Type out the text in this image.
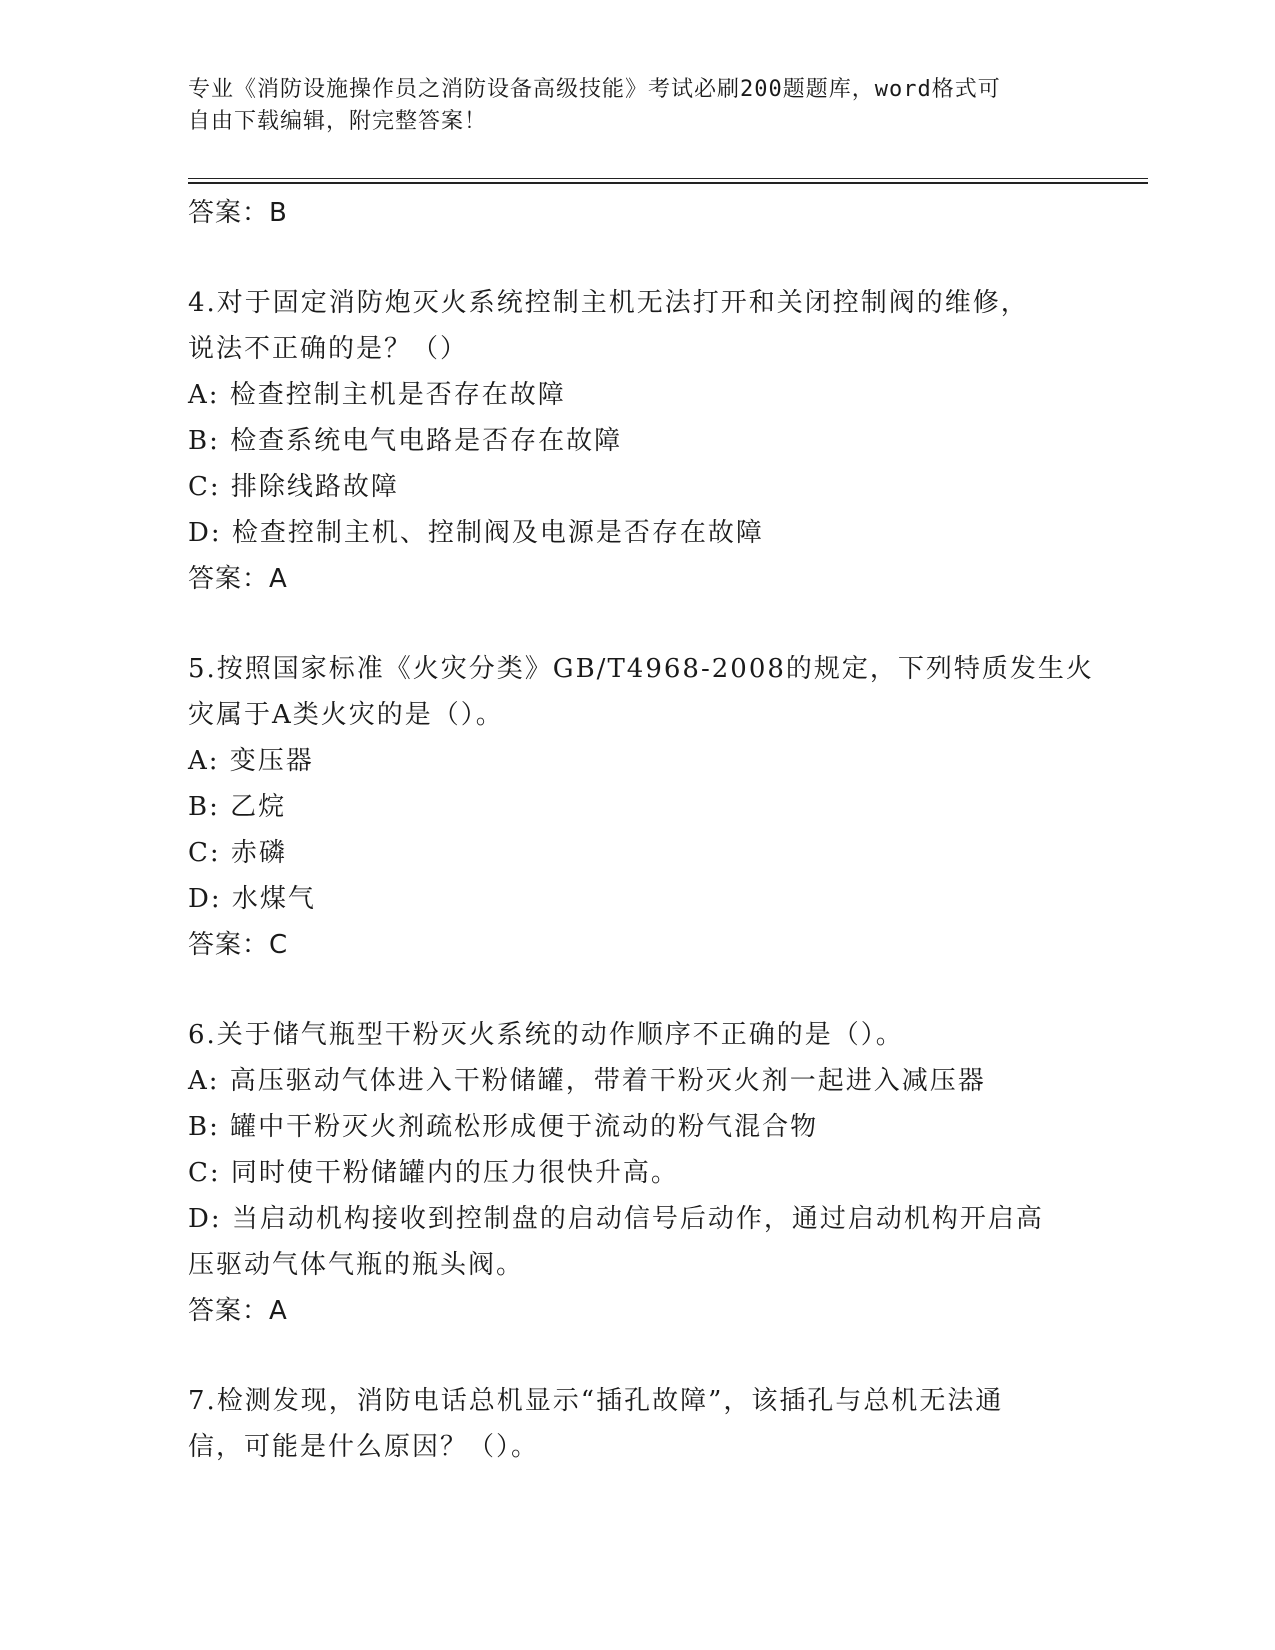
专业《消防设施操作员之消防设备高级技能》考试必刷200题题库，word格式可
自由下载编辑，附完整答案！
答案：B
4.对于固定消防炮灭火系统控制主机无法打开和关闭控制阀的维修，
说法不正确的是？（）
A: 检查控制主机是否存在故障
B: 检查系统电气电路是否存在故障
C: 排除线路故障
D: 检查控制主机、控制阀及电源是否存在故障
答案：A
5.按照国家标准《火灾分类》GB/T4968-2008的规定，下列特质发生火
灾属于A类火灾的是（）。
A: 变压器
B: 乙烷
C: 赤磷
D: 水煤气
答案：C
6.关于储气瓶型干粉灭火系统的动作顺序不正确的是（）。
A: 高压驱动气体进入干粉储罐，带着干粉灭火剂一起进入减压器
B: 罐中干粉灭火剂疏松形成便于流动的粉气混合物
C: 同时使干粉储罐内的压力很快升高。
D: 当启动机构接收到控制盘的启动信号后动作，通过启动机构开启高
压驱动气体气瓶的瓶头阀。
答案：A
7.检测发现，消防电话总机显示“插孔故障”，该插孔与总机无法通
信，可能是什么原因？（）。
